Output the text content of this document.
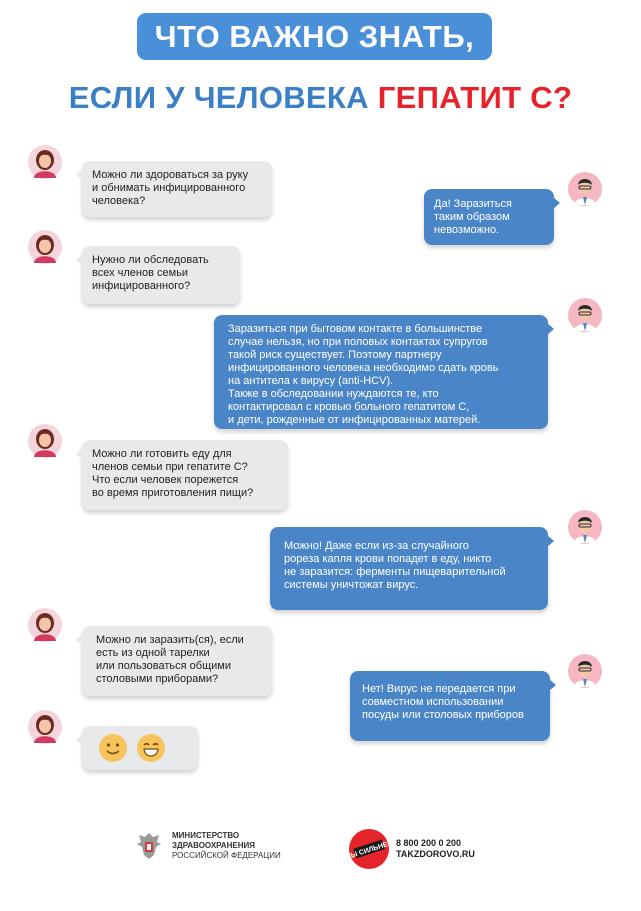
ЧТО ВАЖНО ЗНАТЬ,
ЕСЛИ У ЧЕЛОВЕКА ГЕПАТИТ С?
Можно ли здороваться за руку
и обнимать инфицированного
человека?	Да! Заразиться
таким образом
невозможно.
Нужно ли обследовать
всех членов семьи
инфицированного?
Заразиться при бытовом контакте в большинстве
случае нельзя, но при половых контактах супругов
такой риск существует. Поэтому партнеру
инфицированного человека необходимо сдать кровь
на антитела к вирусу (anti-HCV).
Также в обследовании нуждаются те, кто
контактировал с кровью больного гепатитом С,
и дети, рожденные от инфицированных матерей.
Можно ли готовить еду для
членов семьи при гепатите С?
Что если человек порежется
во время приготовления пищи?
Можно! Даже если из-за случайного
pореза капля крови попадет в еду, никто
не заразится: ферменты пищеварительной
системы уничтожат вирус.
Можно ли заразить(ся), если
есть из одной тарелки
или пользоваться общими
столовыми приборами?
Нет! Вирус не передается при
совместном использовании
посуды или столовых приборов
МИНИСТЕРСТВО
ЗДРАВООХРАНЕНИЯ
РОССИЙСКОЙ ФЕДЕРАЦИИ	ТЫ СИЛЬНЕЕ 8 800 200 0 200
TAKZDOROVO.RU
